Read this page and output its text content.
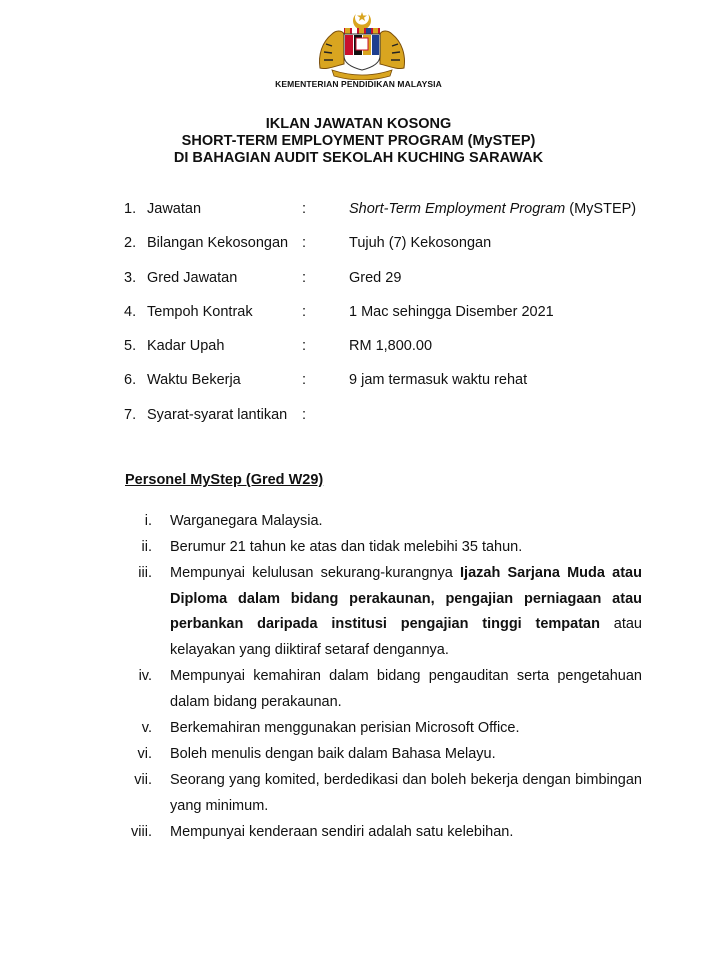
KEMENTERIAN PENDIDIKAN MALAYSIA
IKLAN JAWATAN KOSONG
SHORT-TERM EMPLOYMENT PROGRAM (MySTEP)
DI BAHAGIAN AUDIT SEKOLAH KUCHING SARAWAK
1. Jawatan	:	Short-Term Employment Program (MySTEP)
2. Bilangan Kekosongan :	Tujuh (7) Kekosongan
3. Gred Jawatan	:	Gred 29
4. Tempoh Kontrak	:	1 Mac sehingga Disember 2021
5. Kadar Upah	:	RM 1,800.00
6. Waktu Bekerja	:	9 jam termasuk waktu rehat
7. Syarat-syarat lantikan :
Personel MyStep (Gred W29)
i. Warganegara Malaysia.
ii. Berumur 21 tahun ke atas dan tidak melebihi 35 tahun.
iii. Mempunyai kelulusan sekurang-kurangnya Ijazah Sarjana Muda atau Diploma dalam bidang perakaunan, pengajian perniagaan atau perbankan daripada institusi pengajian tinggi tempatan atau kelayakan yang diiktiraf setaraf dengannya.
iv. Mempunyai kemahiran dalam bidang pengauditan serta pengetahuan dalam bidang perakaunan.
v. Berkemahiran menggunakan perisian Microsoft Office.
vi. Boleh menulis dengan baik dalam Bahasa Melayu.
vii. Seorang yang komited, berdedikasi dan boleh bekerja dengan bimbingan yang minimum.
viii. Mempunyai kenderaan sendiri adalah satu kelebihan.
